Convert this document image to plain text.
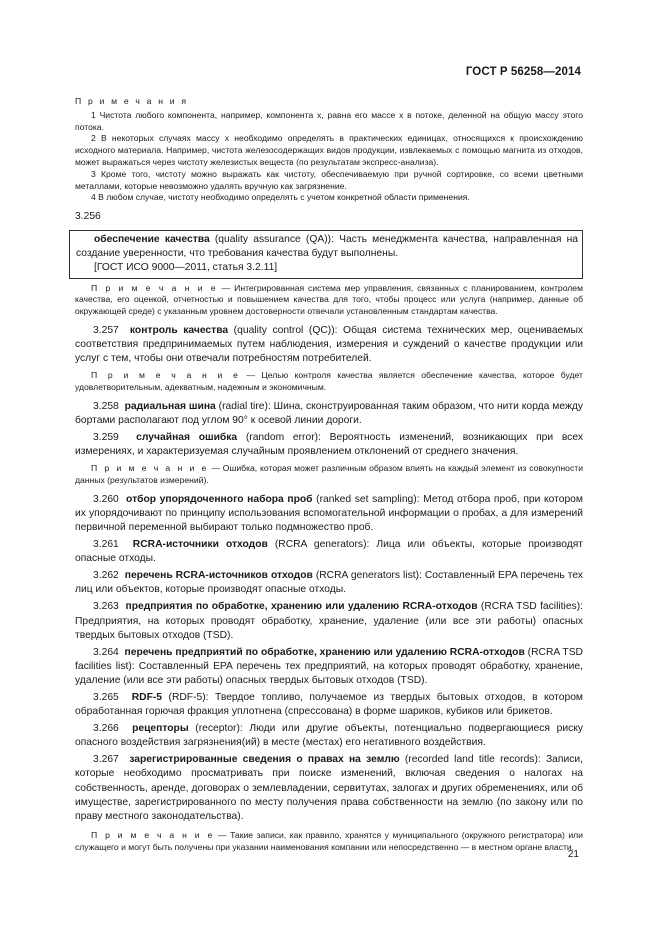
ГОСТ Р 56258—2014
П р и м е ч а н и я
1 Чистота любого компонента, например, компонента x, равна его массе x в потоке, деленной на общую массу этого потока.
2 В некоторых случаях массу x необходимо определять в практических единицах, относящихся к происхождению исходного материала. Например, чистота железосодержащих видов продукции, извлекаемых с помощью магнита из отходов, может выражаться через чистоту железистых веществ (по результатам экспресс-анализа).
3 Кроме того, чистоту можно выражать как чистоту, обеспечиваемую при ручной сортировке, со всеми цветными металлами, которые невозможно удалять вручную как загрязнение.
4 В любом случае, чистоту необходимо определять с учетом конкретной области применения.
3.256
обеспечение качества (quality assurance (QA)): Часть менеджмента качества, направленная на создание уверенности, что требования качества будут выполнены.
[ГОСТ ИСО 9000—2011, статья 3.2.11]
П р и м е ч а н и е — Интегрированная система мер управления, связанных с планированием, контролем качества, его оценкой, отчетностью и повышением качества для того, чтобы процесс или услуга (например, данные об окружающей среде) с указанным уровнем достоверности отвечали установленным стандартам качества.
3.257 контроль качества (quality control (QC)): Общая система технических мер, оцениваемых соответствия предпринимаемых путем наблюдения, измерения и суждений о качестве продукции или услуг с тем, чтобы они отвечали потребностям потребителей.
П р и м е ч а н и е — Целью контроля качества является обеспечение качества, которое будет удовлетворительным, адекватным, надежным и экономичным.
3.258 радиальная шина (radial tire): Шина, сконструированная таким образом, что нити корда между бортами располагают под углом 90° к осевой линии дороги.
3.259 случайная ошибка (random error): Вероятность изменений, возникающих при всех измерениях, и характеризуемая случайным проявлением отклонений от среднего значения.
П р и м е ч а н и е — Ошибка, которая может различным образом влиять на каждый элемент из совокупности данных (результатов измерений).
3.260 отбор упорядоченного набора проб (ranked set sampling): Метод отбора проб, при котором их упорядочивают по принципу использования вспомогательной информации о пробах, а для измерений первичной переменной выбирают только подмножество проб.
3.261 RCRA-источники отходов (RCRA generators): Лица или объекты, которые производят опасные отходы.
3.262 перечень RCRA-источников отходов (RCRA generators list): Составленный EPA перечень тех лиц или объектов, которые производят опасные отходы.
3.263 предприятия по обработке, хранению или удалению RCRA-отходов (RCRA TSD facilities): Предприятия, на которых проводят обработку, хранение, удаление (или все эти работы) опасных твердых бытовых отходов (TSD).
3.264 перечень предприятий по обработке, хранению или удалению RCRA-отходов (RCRA TSD facilities list): Составленный EPA перечень тех предприятий, на которых проводят обработку, хранение, удаление (или все эти работы) опасных твердых бытовых отходов (TSD).
3.265 RDF-5 (RDF-5): Твердое топливо, получаемое из твердых бытовых отходов, в котором обработанная горючая фракция уплотнена (спрессована) в форме шариков, кубиков или брикетов.
3.266 рецепторы (receptor): Люди или другие объекты, потенциально подвергающиеся риску опасного воздействия загрязнения(ий) в месте (местах) его негативного воздействия.
3.267 зарегистрированные сведения о правах на землю (recorded land title records): Записи, которые необходимо просматривать при поиске изменений, включая сведения о налогах на собственность, аренде, договорах о землевладении, сервитутах, залогах и других обременениях, или об имуществе, зарегистрированного по месту получения права собственности на землю (по закону или по праву местного законодательства).
П р и м е ч а н и е — Такие записи, как правило, хранятся у муниципального (окружного регистратора) или служащего и могут быть получены при указании наименования компании или непосредственно — в местном органе власти.
21
